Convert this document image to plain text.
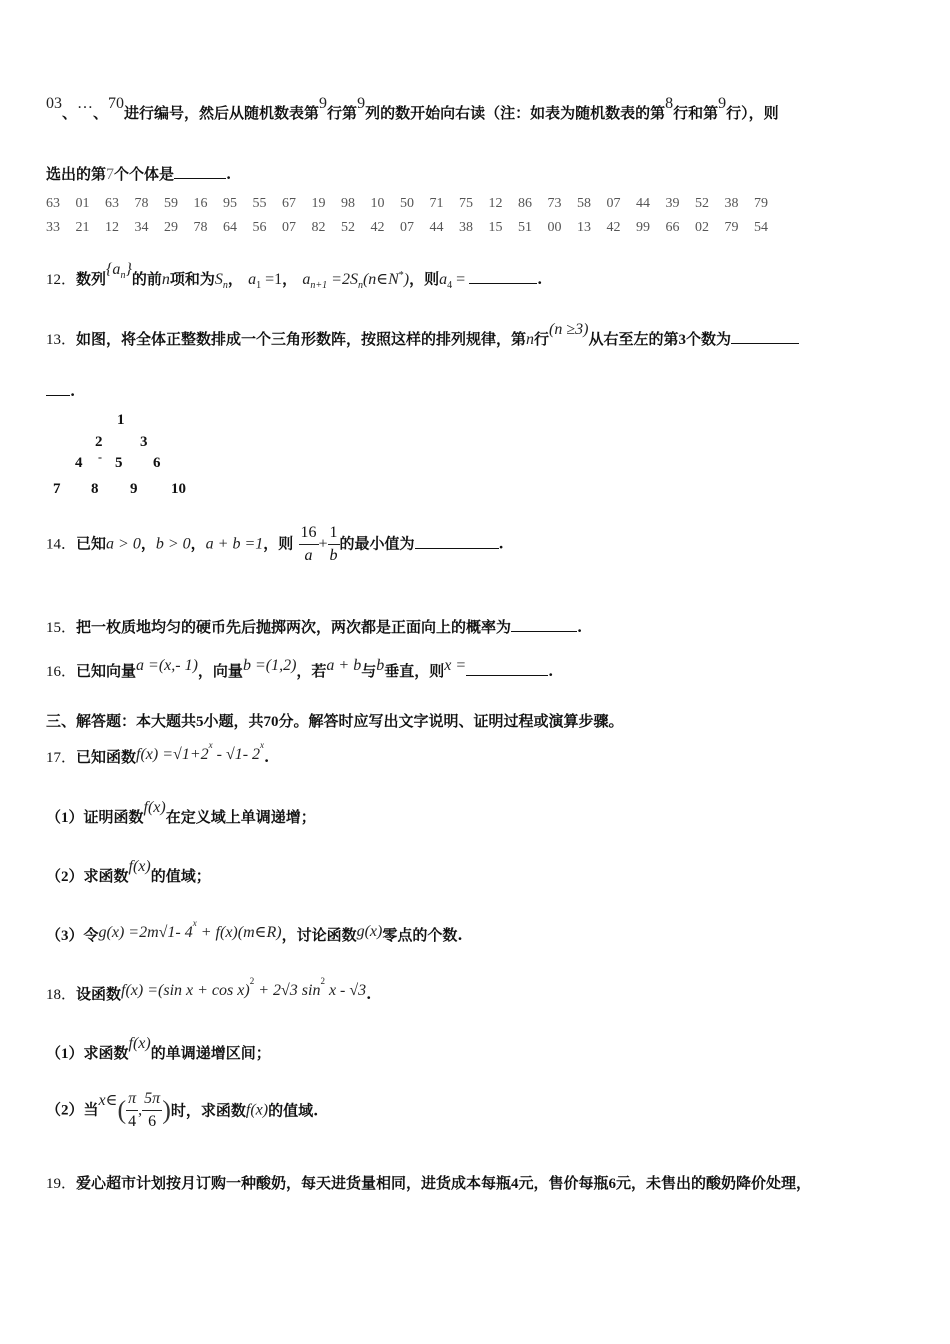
03、…、70进行编号，然后从随机数表第9行第9列的数开始向右读（注：如表为随机数表的第8行和第9行），则
选出的第7个个体是	.
63 01 63 78 59 16 95 55 67 19 98 10 50 71 75 12 86 73 58 07 44 39 52 38 79
33 21 12 34 29 78 64 56 07 82 52 42 07 44 38 15 51 00 13 42 99 66 02 79 54
12．数列$\{a_n\}$的前n项和为$S_n$， $a_1 =1$， $a_{n+1}$ $=2S_n(n\in N^*)$，则$a_4$ =	.
13．如图，将全体正整数排成一个三角形数阵，按照这样的排列规律，第n行(n ≥3)从右至左的第3个数为
.
1
2	3
4 - 5 6
7 8 9 10
14．已知a > 0，b > 0，a + b =1，则 $\frac{16}{a} + \frac{1}{b}$ 的最小值为	.
15．把一枚质地均匀的硬币先后抛掷两次，两次都是正面向上的概率为	.
16．已知向量a =(x,- 1)，向量b =(1,2)，若a + b与b垂直，则x =	.
三、解答题：本大题共5小题，共70分。解答时应写出文字说明、证明过程或演算步骤。
17．已知函数$f(x) =√1+2^x - √1-$ 2$^x$.
（1）证明函数f(x)在定义域上单调递增；
（2）求函数f(x)的值域；
（3）令g(x) =2m√1- $4^x$ + f(x)(m∈R)，讨论函数g(x)零点的个数.
18．设函数f(x) =(sin x + cos x)$^2$ + 2√3 $\sin^2 x - √3$.
（1）求函数f(x)的单调递增区间；
（2）当x∈( $\frac{\pi}{4}$ , $\frac{5\pi}{6}$ )时，求函数f(x)的值域.
19．爱心超市计划按月订购一种酸奶，每天进货量相同，进货成本每瓶4元，售价每瓶6元，未售出的酸奶降价处理，
